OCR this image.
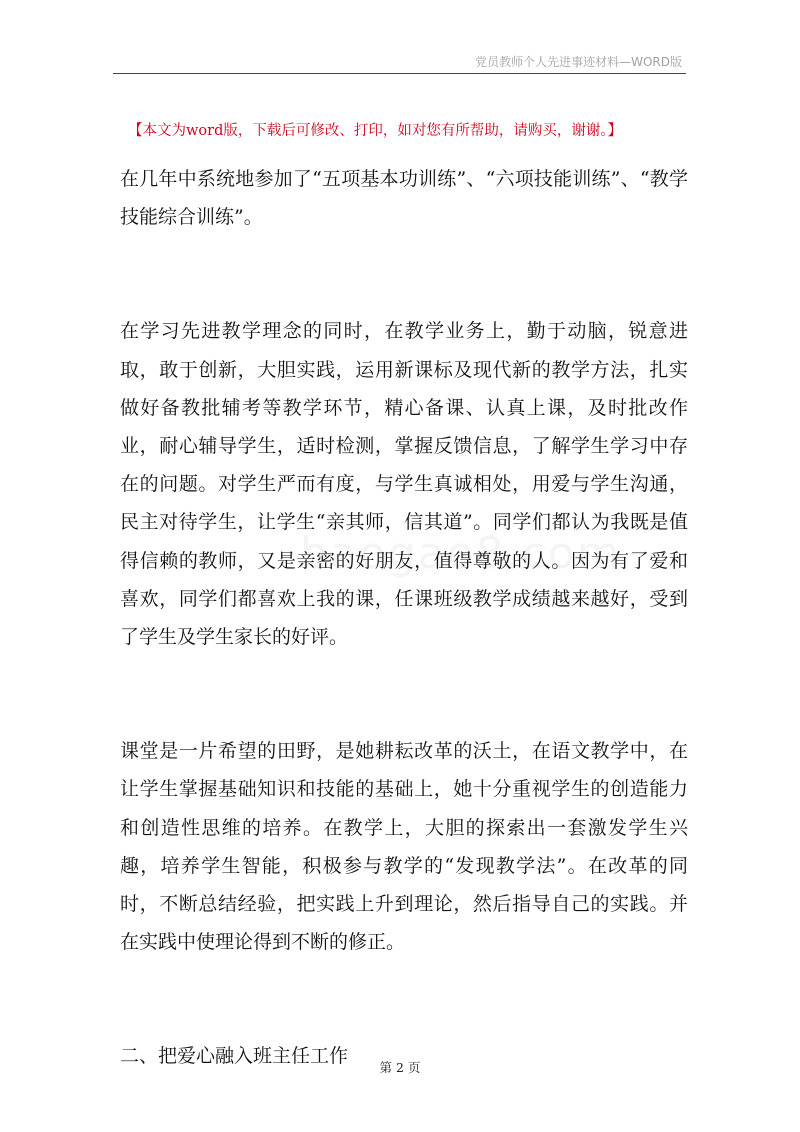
党员教师个人先进事迹材料—WORD版
【本文为word版，下载后可修改、打印，如对您有所帮助，请购买，谢谢。】

在几年中系统地参加了“五项基本功训练”、“六项技能训练”、“教学技能综合训练”。

在学习先进教学理念的同时，在教学业务上，勤于动脑，锐意进取，敢于创新，大胆实践，运用新课标及现代新的教学方法，扎实做好备教批辅考等教学环节，精心备课、认真上课，及时批改作业，耐心辅导学生，适时检测，掌握反馈信息，了解学生学习中存在的问题。对学生严而有度，与学生真诚相处，用爱与学生沟通，民主对待学生，让学生“亲其师，信其道”。同学们都认为我既是值得信赖的教师，又是亲密的好朋友，值得尊敬的人。因为有了爱和喜欢，同学们都喜欢上我的课，任课班级教学成绩越来越好，受到了学生及学生家长的好评。

课堂是一片希望的田野，是她耕耘改革的沃土，在语文教学中，在让学生掌握基础知识和技能的基础上，她十分重视学生的创造能力和创造性思维的培养。在教学上，大胆的探索出一套激发学生兴趣，培养学生智能，积极参与教学的“发现教学法”。在改革的同时，不断总结经验，把实践上升到理论，然后指导自己的实践。并在实践中使理论得到不断的修正。

二、把爱心融入班主任工作

第 2 页
